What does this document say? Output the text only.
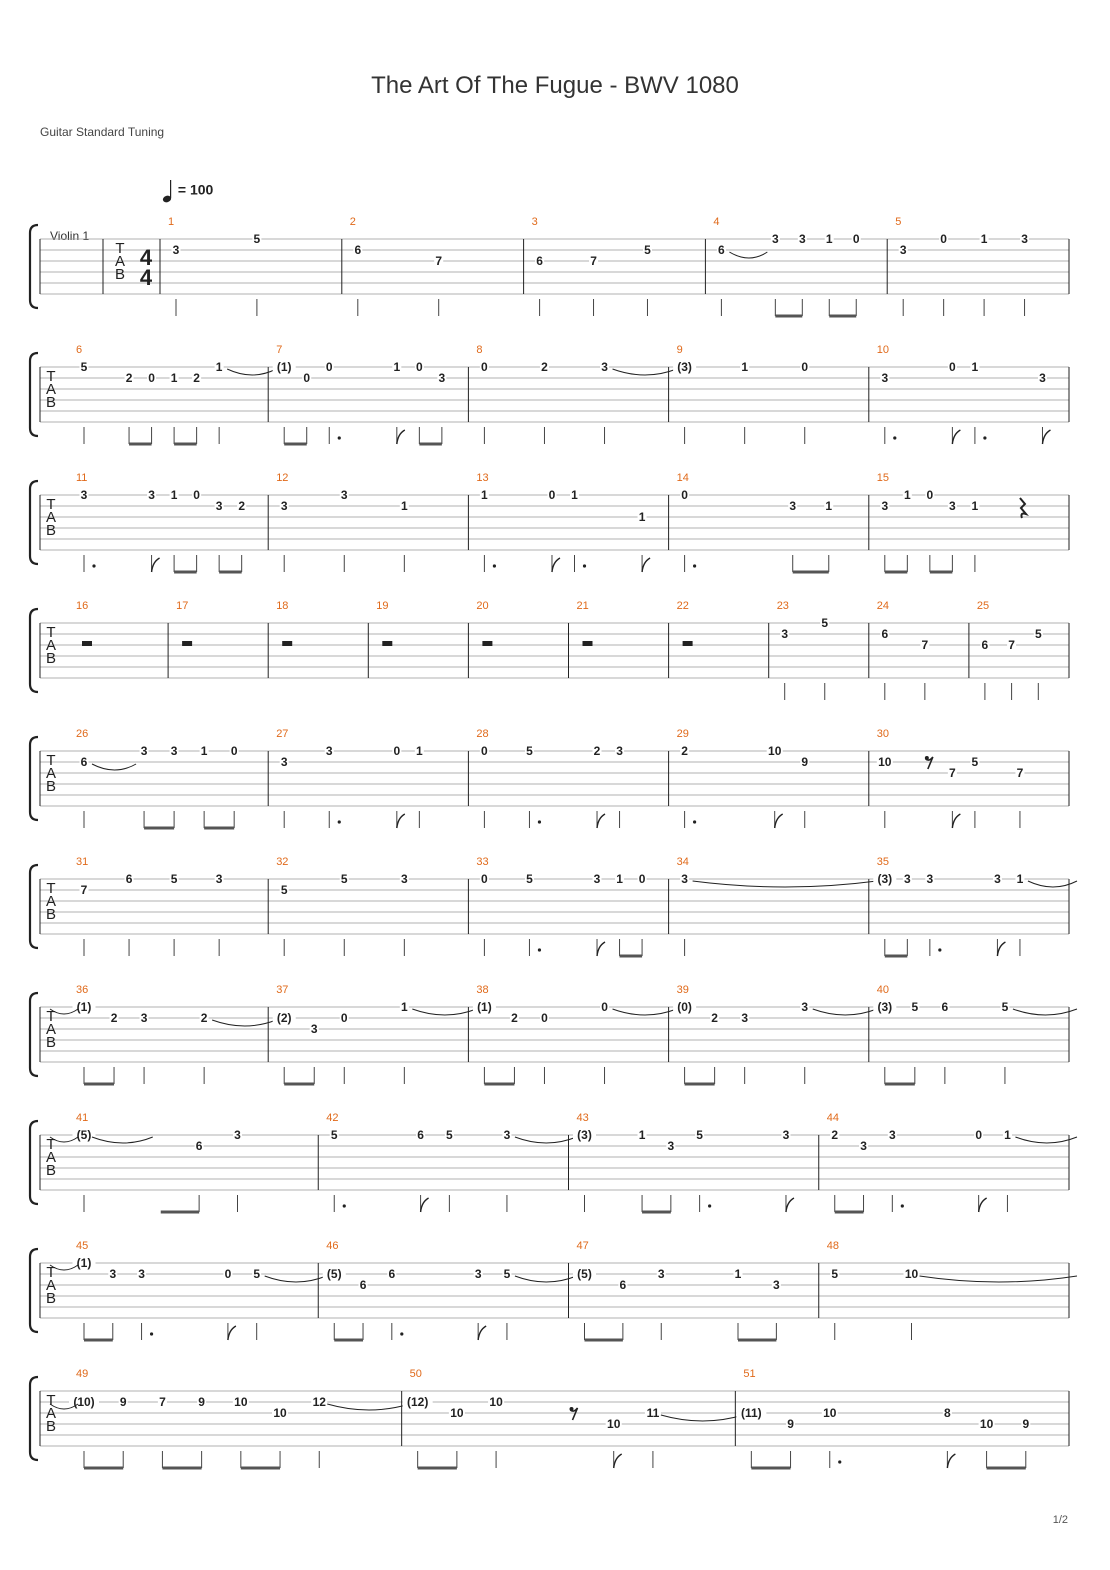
The Art Of The Fugue - BWV 1080
Guitar Standard Tuning
= 100
Violin 1
1/2
T
A
B
4
4
1
3
5
2
6
7
3
6	7
5
4
6
3 3 1 0
5
3
0	1	3
T
A
B
6
5
2 0 1 2
1
7
(1)
0
0	1 0
3
8
0	2	3
9
(3)	1	0
10
3
0 1
3
T
A
B
11
3	3 1 0
3 2
12
3
3
1
13
1	0 1
1
14
0
3 1
15
3
1 0
3 1
T
A
B
16	17	18	19	20	21	22	23
3
5
24
6
7
25
6 7
5
T
A
B
26
6
3 3 1 0
27
3
3	0 1
28
0	5	2 3
29
2	10
9
30
10
7
5
7
T
A
B
31
7
6	5	3
32
5
5	3
33
0	5	3 1 0
34
3
35
(3) 3 3	3 1
T
A
B
36
(1)
2 3	2
37
(2)
3
0
1
38
(1)
2 0
0
39
(0)
2 3
3
40
(3) 5 6	5
T
A
B
41
(5)
6
3
42
5	6 5	3
43
(3)	1
3
5	3
44
2
3
3	0 1
T
A
B
45
(1)
3 3	0 5
46
(5)
6
6	3 5
47
(5)
6
3	1
3
48
5	10
T
A
B
49
(10) 9	7	9 10
10
12
50
(12)
10
10
10
11
51
(11)
9
10	8
10 9
